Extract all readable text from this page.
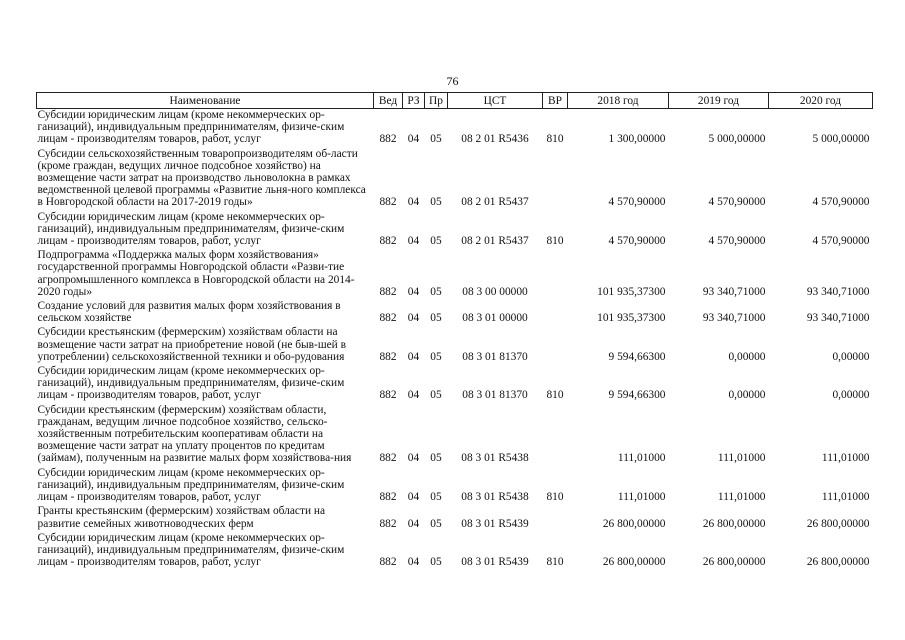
76
Наименование	Вед	РЗ	Пр	ЦСТ	ВР	2018 год	2019 год	2020 год
Субсидии юридическим лицам (кроме некоммерческих ор-ганизаций), индивидуальным предпринимателям, физиче-ским лицам - производителям товаров, работ, услуг	882	04	05	08 2 01 R5436	810	1 300,00000	5 000,00000	5 000,00000
Субсидии сельскохозяйственным товаропроизводителям об-ласти (кроме граждан, ведущих личное подсобное хозяйство) на возмещение части затрат на производство льноволокна в рамках ведомственной целевой программы «Развитие льня-ного комплекса в Новгородской области на 2017-2019 годы»	882	04	05	08 2 01 R5437		4 570,90000	4 570,90000	4 570,90000
Субсидии юридическим лицам (кроме некоммерческих ор-ганизаций), индивидуальным предпринимателям, физиче-ским лицам - производителям товаров, работ, услуг	882	04	05	08 2 01 R5437	810	4 570,90000	4 570,90000	4 570,90000
Подпрограмма «Поддержка малых форм хозяйствования» государственной программы Новгородской области «Разви-тие агропромышленного комплекса в Новгородской области на 2014-2020 годы»	882	04	05	08 3 00 00000		101 935,37300	93 340,71000	93 340,71000
Создание условий для развития малых форм хозяйствования в сельском хозяйстве	882	04	05	08 3 01 00000		101 935,37300	93 340,71000	93 340,71000
Субсидии крестьянским (фермерским) хозяйствам области на возмещение части затрат на приобретение новой (не быв-шей в употреблении) сельскохозяйственной техники и обо-рудования	882	04	05	08 3 01 81370		9 594,66300	0,00000	0,00000
Субсидии юридическим лицам (кроме некоммерческих ор-ганизаций), индивидуальным предпринимателям, физиче-ским лицам - производителям товаров, работ, услуг	882	04	05	08 3 01 81370	810	9 594,66300	0,00000	0,00000
Субсидии крестьянским (фермерским) хозяйствам области, гражданам, ведущим личное подсобное хозяйство, сельско-хозяйственным потребительским кооперативам области на возмещение части затрат на уплату процентов по кредитам (займам), полученным на развитие малых форм хозяйствова-ния	882	04	05	08 3 01 R5438		111,01000	111,01000	111,01000
Субсидии юридическим лицам (кроме некоммерческих ор-ганизаций), индивидуальным предпринимателям, физиче-ским лицам - производителям товаров, работ, услуг	882	04	05	08 3 01 R5438	810	111,01000	111,01000	111,01000
Гранты крестьянским (фермерским) хозяйствам области на развитие семейных животноводческих ферм	882	04	05	08 3 01 R5439		26 800,00000	26 800,00000	26 800,00000
Субсидии юридическим лицам (кроме некоммерческих ор-ганизаций), индивидуальным предпринимателям, физиче-ским лицам - производителям товаров, работ, услуг	882	04	05	08 3 01 R5439	810	26 800,00000	26 800,00000	26 800,00000
